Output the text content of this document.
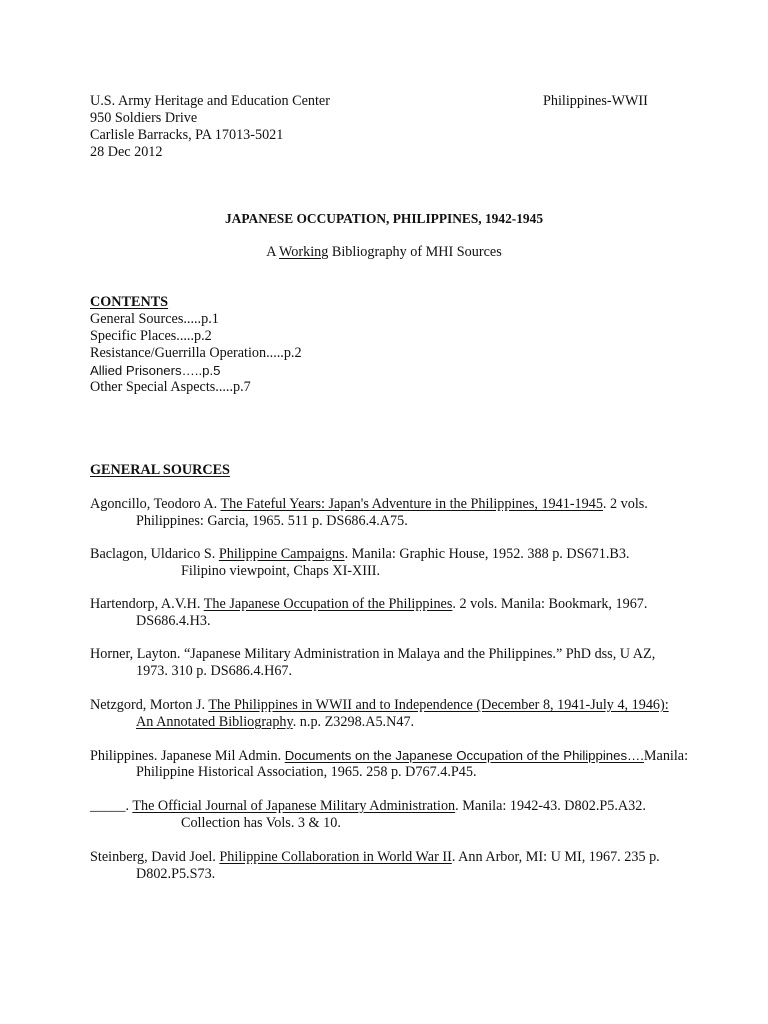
U.S. Army Heritage and Education Center
950 Soldiers Drive
Carlisle Barracks, PA 17013-5021
28 Dec 2012
Philippines-WWII
JAPANESE OCCUPATION, PHILIPPINES, 1942-1945
A Working Bibliography of MHI Sources
CONTENTS
General Sources.....p.1
Specific Places.....p.2
Resistance/Guerrilla Operation.....p.2
Allied Prisoners…..p.5
Other Special Aspects.....p.7
GENERAL SOURCES
Agoncillo, Teodoro A. The Fateful Years: Japan's Adventure in the Philippines, 1941-1945. 2 vols.
Philippines: Garcia, 1965. 511 p. DS686.4.A75.
Baclagon, Uldarico S. Philippine Campaigns. Manila: Graphic House, 1952. 388 p. DS671.B3.
Filipino viewpoint, Chaps XI-XIII.
Hartendorp, A.V.H. The Japanese Occupation of the Philippines. 2 vols. Manila: Bookmark, 1967.
DS686.4.H3.
Horner, Layton. “Japanese Military Administration in Malaya and the Philippines.” PhD dss, U AZ,
1973. 310 p. DS686.4.H67.
Netzgord, Morton J. The Philippines in WWII and to Independence (December 8, 1941-July 4, 1946):
An Annotated Bibliography. n.p. Z3298.A5.N47.
Philippines. Japanese Mil Admin. Documents on the Japanese Occupation of the Philippines….Manila:
Philippine Historical Association, 1965. 258 p. D767.4.P45.
_____. The Official Journal of Japanese Military Administration. Manila: 1942-43. D802.P5.A32.
Collection has Vols. 3 & 10.
Steinberg, David Joel. Philippine Collaboration in World War II. Ann Arbor, MI: U MI, 1967. 235 p.
D802.P5.S73.
